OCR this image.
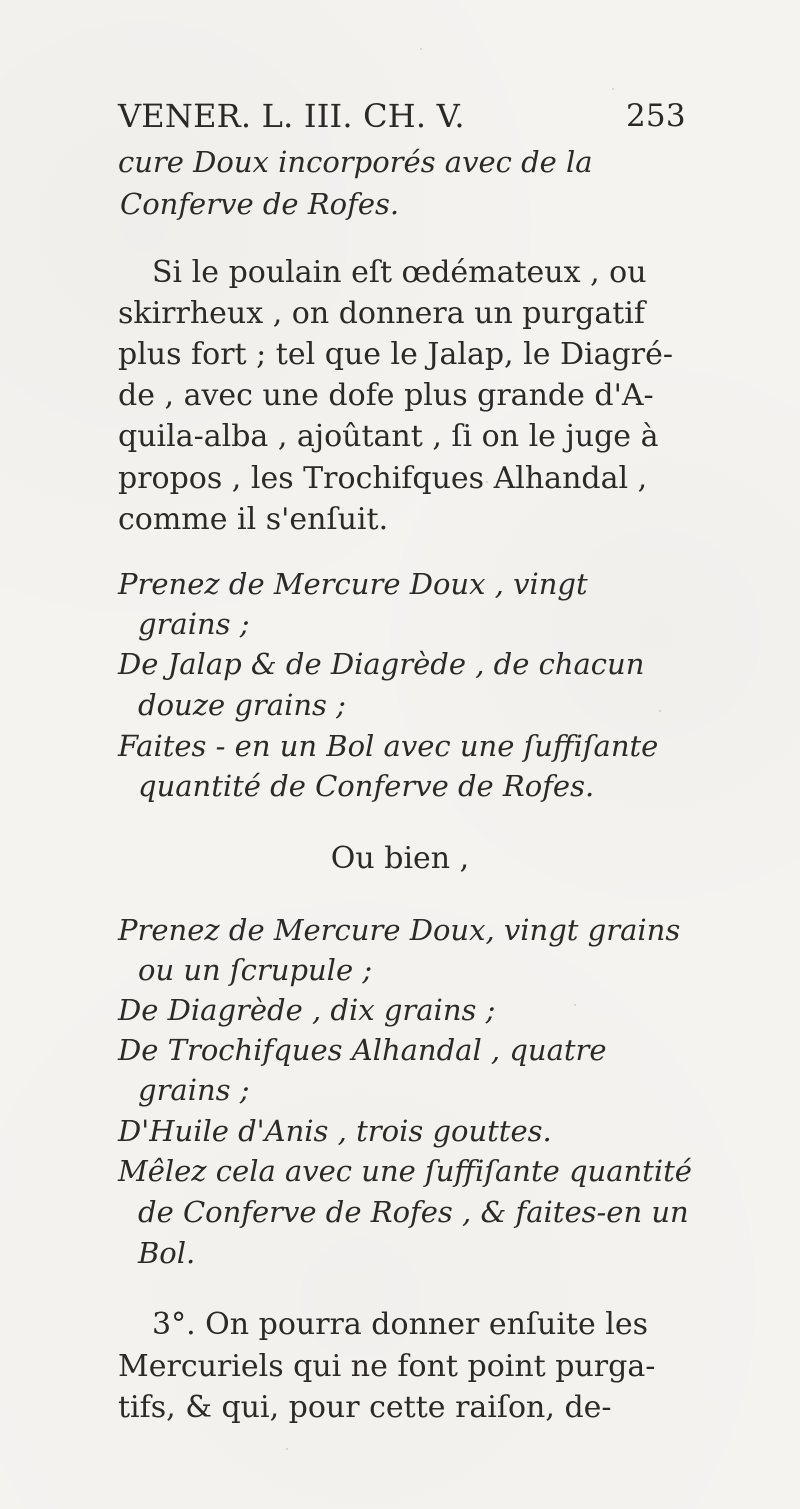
VENER. L. III. CH. V.	253
cure Doux incorporés avec de la
Conferve de Rofes.
Si le poulain eſt œdémateux , ou
skirrheux , on donnera un purgatif
plus fort ; tel que le Jalap, le Diagré-
de , avec une dofe plus grande d'A-
quila-alba , ajoûtant , ſi on le juge à
propos , les Trochifques Alhandal ,
comme il s'enſuit.
Prenez de Mercure Doux , vingt
grains ;
De Jalap & de Diagrède , de chacun
douze grains ;
Faites - en un Bol avec une ſuffiſante
quantité de Conferve de Rofes.
Ou bien ,
Prenez de Mercure Doux, vingt grains
ou un ſcrupule ;
De Diagrède , dix grains ;
De Trochifques Alhandal , quatre
grains ;
D'Huile d'Anis , trois gouttes.
Mêlez cela avec une ſuffiſante quantité
de Conferve de Rofes , & faites-en un
Bol.
3°. On pourra donner enſuite les
Mercuriels qui ne font point purga-
tifs, & qui, pour cette raiſon, de-
